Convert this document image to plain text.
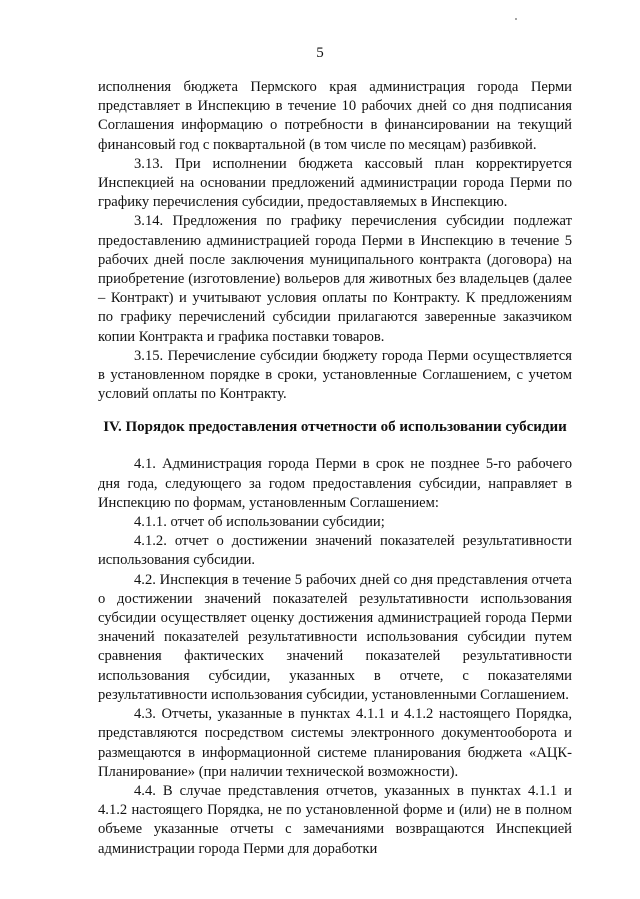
5

исполнения бюджета Пермского края администрация города Перми представляет в Инспекцию в течение 10 рабочих дней со дня подписания Соглашения информацию о потребности в финансировании на текущий финансовый год с поквартальной (в том числе по месяцам) разбивкой.

3.13. При исполнении бюджета кассовый план корректируется Инспекцией на основании предложений администрации города Перми по графику перечисления субсидии, предоставляемых в Инспекцию.

3.14. Предложения по графику перечисления субсидии подлежат предоставлению администрацией города Перми в Инспекцию в течение 5 рабочих дней после заключения муниципального контракта (договора) на приобретение (изготовление) вольеров для животных без владельцев (далее – Контракт) и учитывают условия оплаты по Контракту. К предложениям по графику перечислений субсидии прилагаются заверенные заказчиком копии Контракта и графика поставки товаров.

3.15. Перечисление субсидии бюджету города Перми осуществляется в установленном порядке в сроки, установленные Соглашением, с учетом условий оплаты по Контракту.

IV. Порядок предоставления отчетности об использовании субсидии

4.1. Администрация города Перми в срок не позднее 5-го рабочего дня года, следующего за годом предоставления субсидии, направляет в Инспекцию по формам, установленным Соглашением:

4.1.1. отчет об использовании субсидии;

4.1.2. отчет о достижении значений показателей результативности использования субсидии.

4.2. Инспекция в течение 5 рабочих дней со дня представления отчета о достижении значений показателей результативности использования субсидии осуществляет оценку достижения администрацией города Перми значений показателей результативности использования субсидии путем сравнения фактических значений показателей результативности использования субсидии, указанных в отчете, с показателями результативности использования субсидии, установленными Соглашением.

4.3. Отчеты, указанные в пунктах 4.1.1 и 4.1.2 настоящего Порядка, представляются посредством системы электронного документооборота и размещаются в информационной системе планирования бюджета «АЦК-Планирование» (при наличии технической возможности).

4.4. В случае представления отчетов, указанных в пунктах 4.1.1 и 4.1.2 настоящего Порядка, не по установленной форме и (или) не в полном объеме указанные отчеты с замечаниями возвращаются Инспекцией администрации города Перми для доработки
